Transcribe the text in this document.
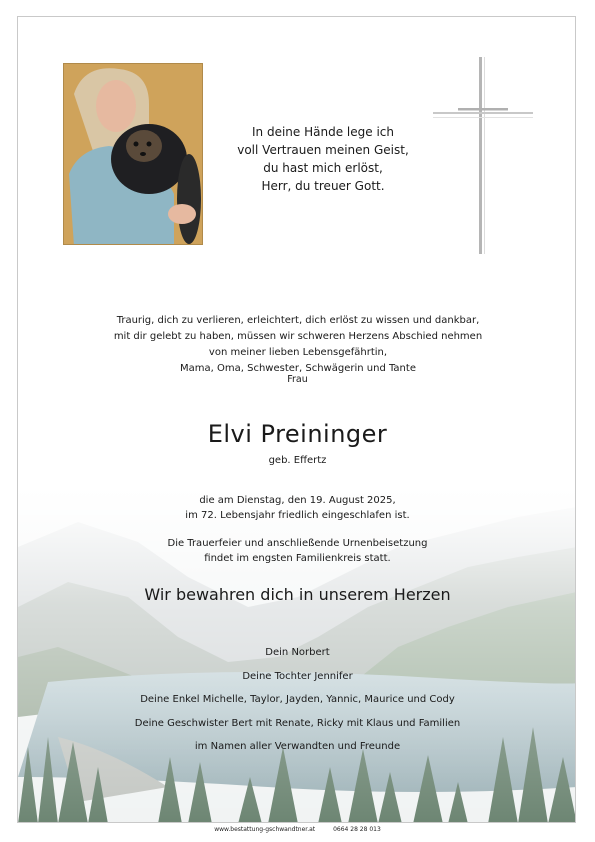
In deine Hände lege ich
voll Vertrauen meinen Geist,
du hast mich erlöst,
Herr, du treuer Gott.
Traurig, dich zu verlieren, erleichtert, dich erlöst zu wissen und dankbar,
mit dir gelebt zu haben, müssen wir schweren Herzens Abschied nehmen
von meiner lieben Lebensgefährtin,
Mama, Oma, Schwester, Schwägerin und Tante
Frau
Elvi Preininger
geb. Effertz
die am Dienstag, den 19. August 2025,
im 72. Lebensjahr friedlich eingeschlafen ist.
Die Trauerfeier und anschließende Urnenbeisetzung
findet im engsten Familienkreis statt.
Wir bewahren dich in unserem Herzen
Dein Norbert
Deine Tochter Jennifer
Deine Enkel Michelle, Taylor, Jayden, Yannic, Maurice und Cody
Deine Geschwister Bert mit Renate, Ricky mit Klaus und Familien
im Namen aller Verwandten und Freunde
www.bestattung-gschwandtner.at	0664 28 28 013
